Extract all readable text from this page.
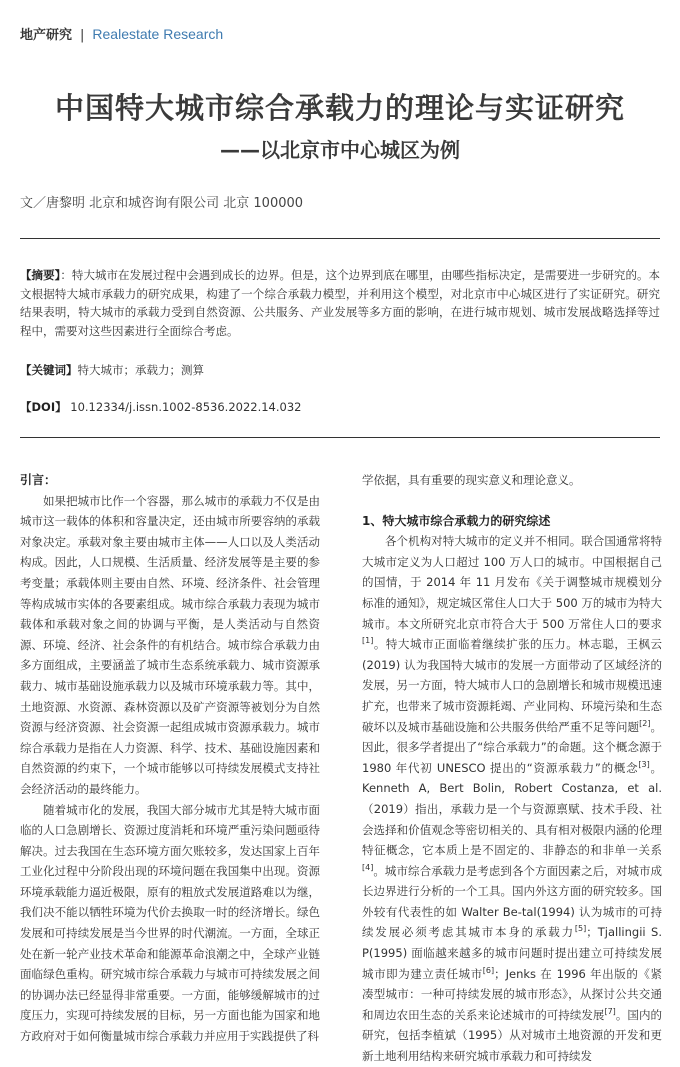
地产研究 | Realestate Research
中国特大城市综合承载力的理论与实证研究
——以北京市中心城区为例
文／唐黎明 北京和城咨询有限公司 北京 100000
【摘要】：特大城市在发展过程中会遇到成长的边界。但是，这个边界到底在哪里，由哪些指标决定，是需要进一步研究的。本文根据特大城市承载力的研究成果，构建了一个综合承载力模型，并利用这个模型，对北京市中心城区进行了实证研究。研究结果表明，特大城市的承载力受到自然资源、公共服务、产业发展等多方面的影响，在进行城市规划、城市发展战略选择等过程中，需要对这些因素进行全面综合考虑。
【关键词】特大城市；承载力；测算
【DOI】 10.12334/j.issn.1002-8536.2022.14.032
引言：

如果把城市比作一个容器，那么城市的承载力不仅是由城市这一载体的体积和容量决定，还由城市所要容纳的承载对象决定。承载对象主要由城市主体——人口以及人类活动构成。因此，人口规模、生活质量、经济发展等是主要的参考变量；承载体则主要由自然、环境、经济条件、社会管理等构成城市实体的各要素组成。城市综合承载力表现为城市载体和承载对象之间的协调与平衡，是人类活动与自然资源、环境、经济、社会条件的有机结合。城市综合承载力由多方面组成，主要涵盖了城市生态系统承载力、城市资源承载力、城市基础设施承载力以及城市环境承载力等。其中，土地资源、水资源、森林资源以及矿产资源等被划分为自然资源与经济资源、社会资源一起组成城市资源承载力。城市综合承载力是指在人力资源、科学、技术、基础设施因素和自然资源的约束下，一个城市能够以可持续发展模式支持社会经济活动的最终能力。

随着城市化的发展，我国大部分城市尤其是特大城市面临的人口急剧增长、资源过度消耗和环境严重污染问题亟待解决。过去我国在生态环境方面欠账较多，发达国家上百年工业化过程中分阶段出现的环境问题在我国集中出现。资源环境承载能力逼近极限，原有的粗放式发展道路难以为继，我们决不能以牺牲环境为代价去换取一时的经济增长。绿色发展和可持续发展是当今世界的时代潮流。一方面，全球正处在新一轮产业技术革命和能源革命浪潮之中，全球产业链面临绿色重构。研究城市综合承载力与城市可持续发展之间的协调办法已经显得非常重要。一方面，能够缓解城市的过度压力，实现可持续发展的目标，另一方面也能为国家和地方政府对于如何衡量城市综合承载力并应用于实践提供了科

学依据，具有重要的现实意义和理论意义。

1、特大城市综合承载力的研究综述

各个机构对特大城市的定义并不相同。联合国通常将特大城市定义为人口超过 100 万人口的城市。中国根据自己的国情，于 2014 年 11 月发布《关于调整城市规模划分标准的通知》，规定城区常住人口大于 500 万的城市为特大城市。本文所研究北京市符合大于 500 万常住人口的要求[1]。特大城市正面临着继续扩张的压力。林志聪，王枫云 (2019) 认为我国特大城市的发展一方面带动了区域经济的发展，另一方面，特大城市人口的急剧增长和城市规模迅速扩充，也带来了城市资源耗竭、产业同构、环境污染和生态破坏以及城市基础设施和公共服务供给严重不足等问题[2]。因此，很多学者提出了“综合承载力”的命题。这个概念源于 1980 年代初 UNESCO 提出的“资源承载力”的概念[3]。Kenneth A, Bert Bolin, Robert Costanza, et al.（2019）指出，承载力是一个与资源禀赋、技术手段、社会选择和价值观念等密切相关的、具有相对极限内涵的伦理特征概念，它本质上是不固定的、非静态的和非单一关系[4]。城市综合承载力是考虑到各个方面因素之后，对城市成长边界进行分析的一个工具。国内外这方面的研究较多。国外较有代表性的如 Walter Be-tal(1994) 认为城市的可持续发展必须考虑其城市本身的承载力[5]；Tjallingii S. P(1995) 面临越来越多的城市问题时提出建立可持续发展城市即为建立责任城市[6]；Jenks 在 1996 年出版的《紧凑型城市：一种可持续发展的城市形态》，从探讨公共交通和周边农田生态的关系来论述城市的可持续发展[7]。国内的研究，包括李植斌（1995）从对城市土地资源的开发和更新土地利用结构来研究城市承载力和可持续发
